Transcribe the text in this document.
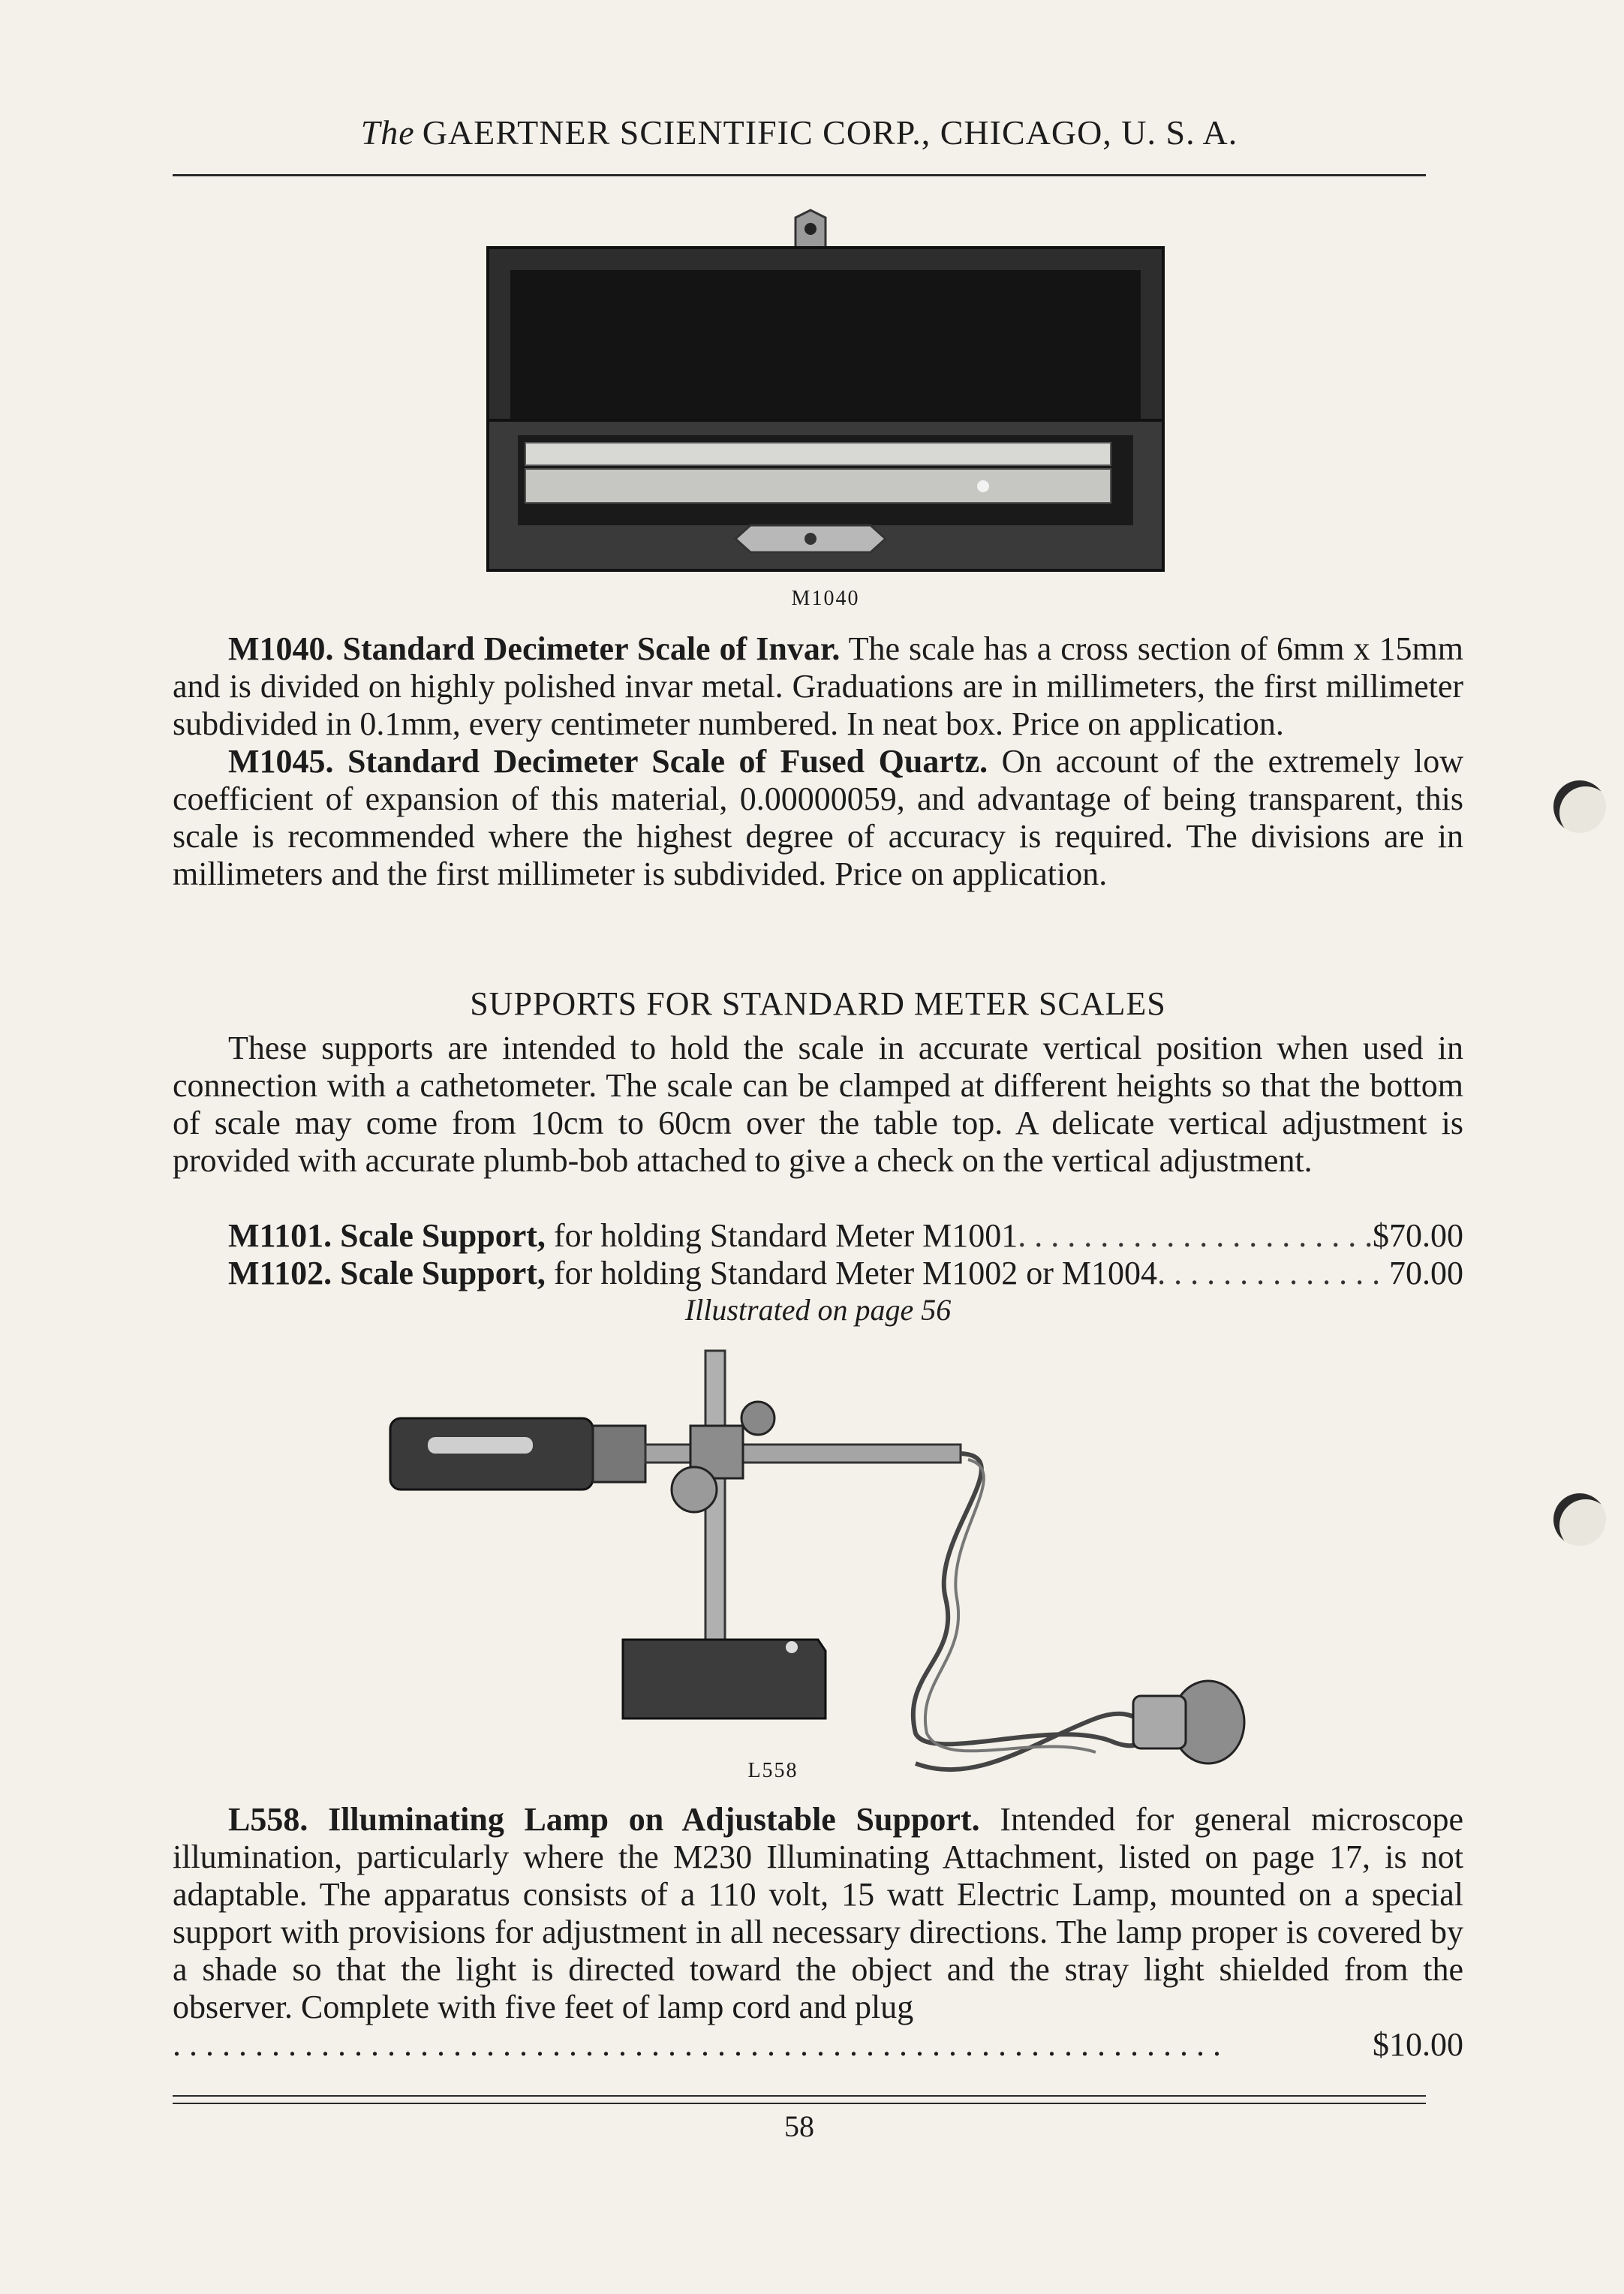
The GAERTNER SCIENTIFIC CORP., CHICAGO, U. S. A.
M1040

M1040. Standard Decimeter Scale of Invar. The scale has a cross section of 6mm x 15mm and is divided on highly polished invar metal. Graduations are in millimeters, the first millimeter subdivided in 0.1mm, every centimeter numbered. In neat box. Price on application.

M1045. Standard Decimeter Scale of Fused Quartz. On account of the extremely low coefficient of expansion of this material, 0.00000059, and advantage of being transparent, this scale is recommended where the highest degree of accuracy is required. The divisions are in millimeters and the first millimeter is subdivided. Price on application.

SUPPORTS FOR STANDARD METER SCALES

These supports are intended to hold the scale in accurate vertical position when used in connection with a cathetometer. The scale can be clamped at different heights so that the bottom of scale may come from 10cm to 60cm over the table top. A delicate vertical adjustment is provided with accurate plumb-bob attached to give a check on the vertical adjustment.

M1101.
Scale Support,
for holding Standard Meter M1001 . . .	$70.00
M1102.
Scale Support,
for holding Standard Meter M1002 or M1004 . . .	70.00
Illustrated on page 56
L558

L558. Illuminating Lamp on Adjustable Support. Intended for general microscope illumination, particularly where the M230 Illuminating Attachment, listed on page 17, is not adaptable. The apparatus consists of a 110 volt, 15 watt Electric Lamp, mounted on a special support with provisions for adjustment in all necessary directions. The lamp proper is covered by a shade so that the light is directed toward the object and the stray light shielded from the observer. Complete with five feet of lamp cord and plug

. . .
$10.00
58
